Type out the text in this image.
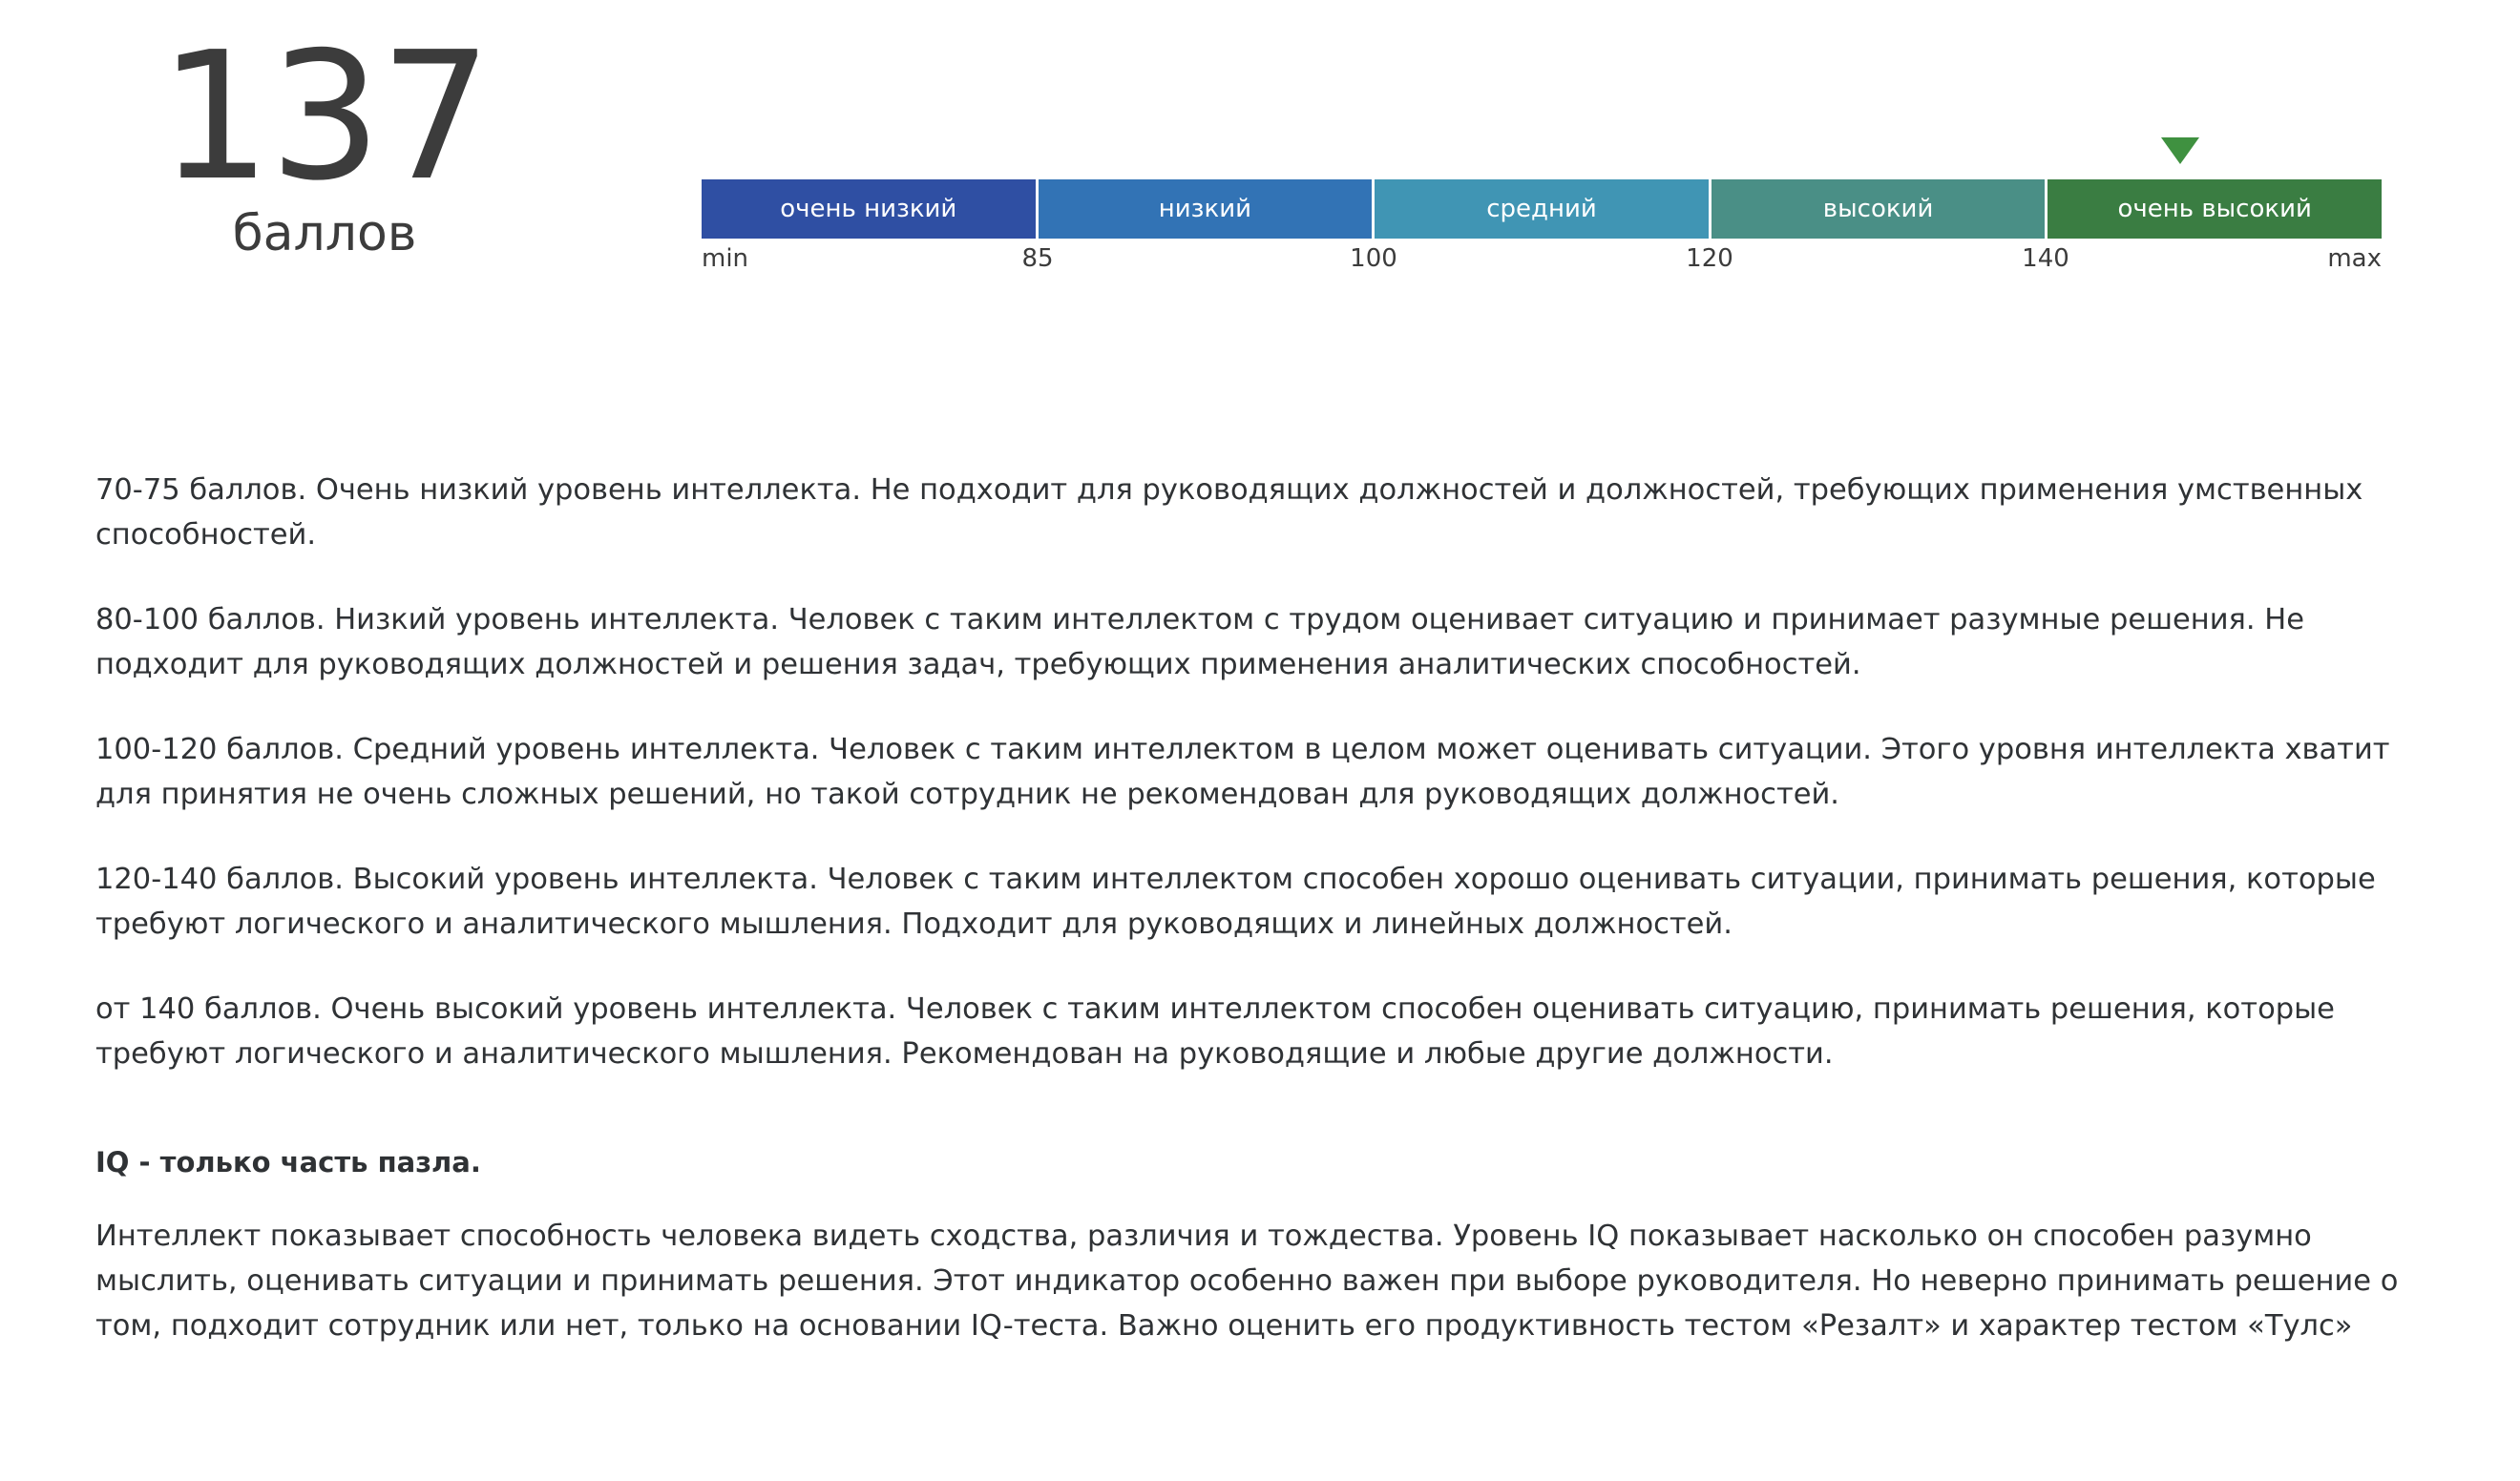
137
баллов	очень низкий	низкий	средний	высокий	очень высокий
min	85	100	120	140	max

70-75 баллов. Очень низкий уровень интеллекта. Не подходит для руководящих должностей и должностей, требующих применения умственных способностей.

80-100 баллов. Низкий уровень интеллекта. Человек с таким интеллектом с трудом оценивает ситуацию и принимает разумные решения. Не подходит для руководящих должностей и решения задач, требующих применения аналитических способностей.

100-120 баллов. Средний уровень интеллекта. Человек с таким интеллектом в целом может оценивать ситуации. Этого уровня интеллекта хватит для принятия не очень сложных решений, но такой сотрудник не рекомендован для руководящих должностей.

120-140 баллов. Высокий уровень интеллекта. Человек с таким интеллектом способен хорошо оценивать ситуации, принимать решения, которые требуют логического и аналитического мышления. Подходит для руководящих и линейных должностей.

от 140 баллов. Очень высокий уровень интеллекта. Человек с таким интеллектом способен оценивать ситуацию, принимать решения, которые требуют логического и аналитического мышления. Рекомендован на руководящие и любые другие должности.

IQ - только часть пазла.

Интеллект показывает способность человека видеть сходства, различия и тождества. Уровень IQ показывает насколько он способен разумно мыслить, оценивать ситуации и принимать решения. Этот индикатор особенно важен при выборе руководителя. Но неверно принимать решение о том, подходит сотрудник или нет, только на основании IQ-теста. Важно оценить его продуктивность тестом «Резалт» и характер тестом «Тулс»
